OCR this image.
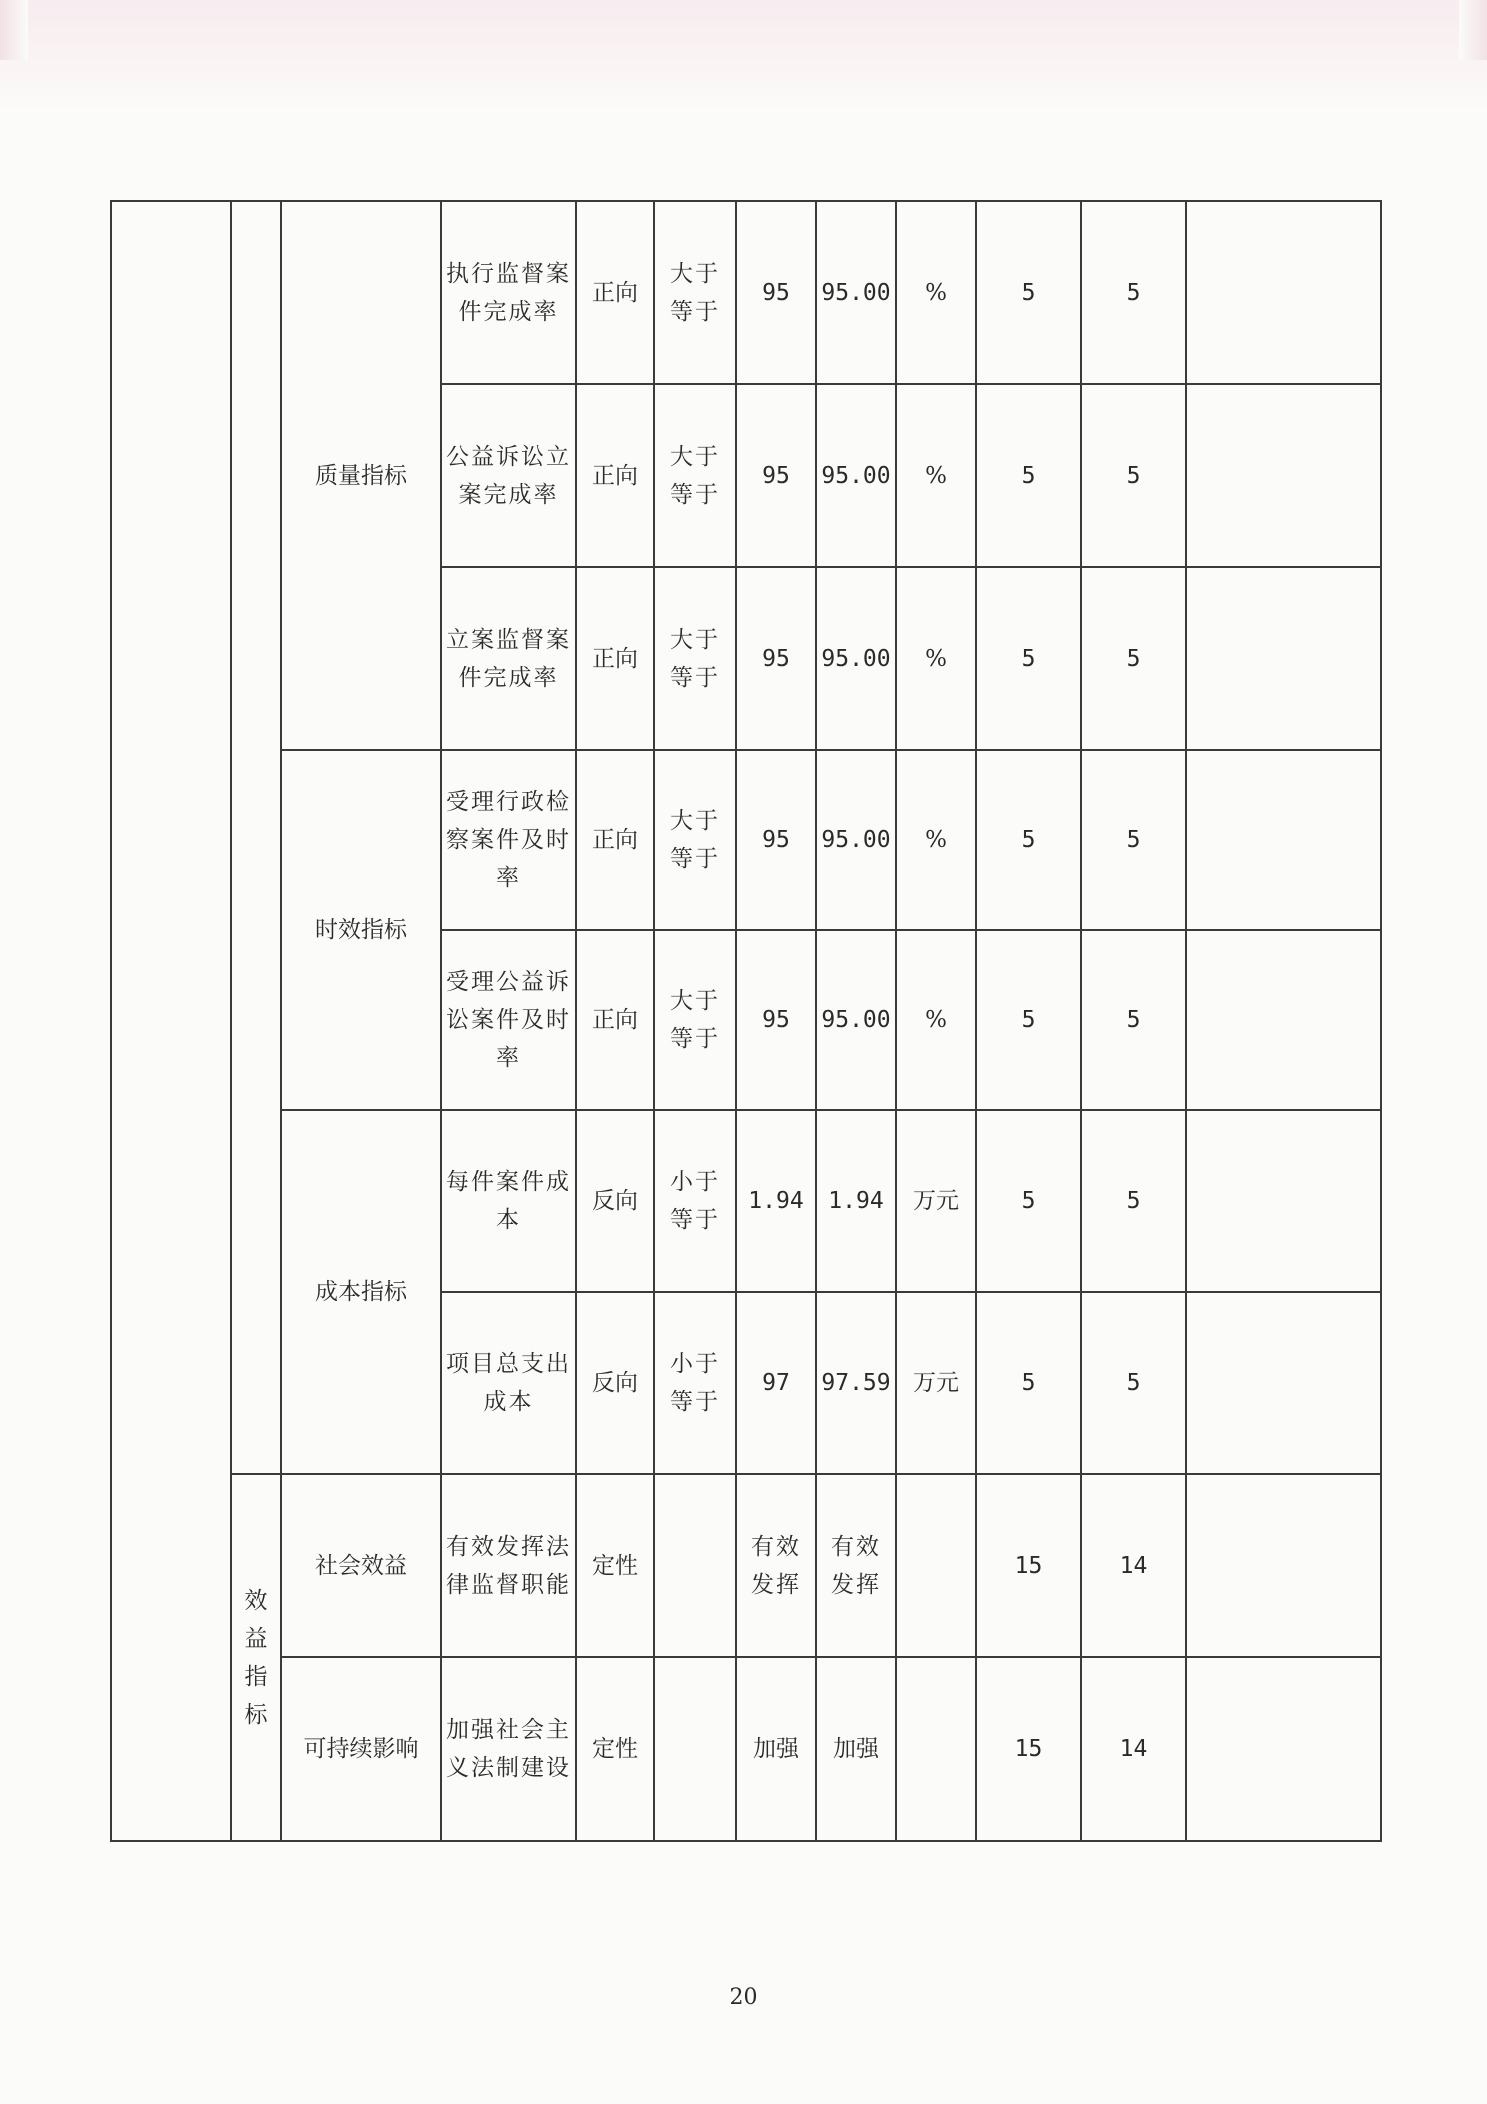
		质量指标	执行监督案件完成率	正向	大于等于	95	95.00	%	5	5	
			公益诉讼立案完成率	正向	大于等于	95	95.00	%	5	5	
			立案监督案件完成率	正向	大于等于	95	95.00	%	5	5	
		时效指标	受理行政检察案件及时率	正向	大于等于	95	95.00	%	5	5	
			受理公益诉讼案件及时率	正向	大于等于	95	95.00	%	5	5	
		成本指标	每件案件成本	反向	小于等于	1.94	1.94	万元	5	5	
			项目总支出成本	反向	小于等于	97	97.59	万元	5	5	
	效益指标	社会效益	有效发挥法律监督职能	定性		有效发挥	有效发挥		15	14	
		可持续影响	加强社会主义法制建设	定性		加强	加强		15	14	
20
